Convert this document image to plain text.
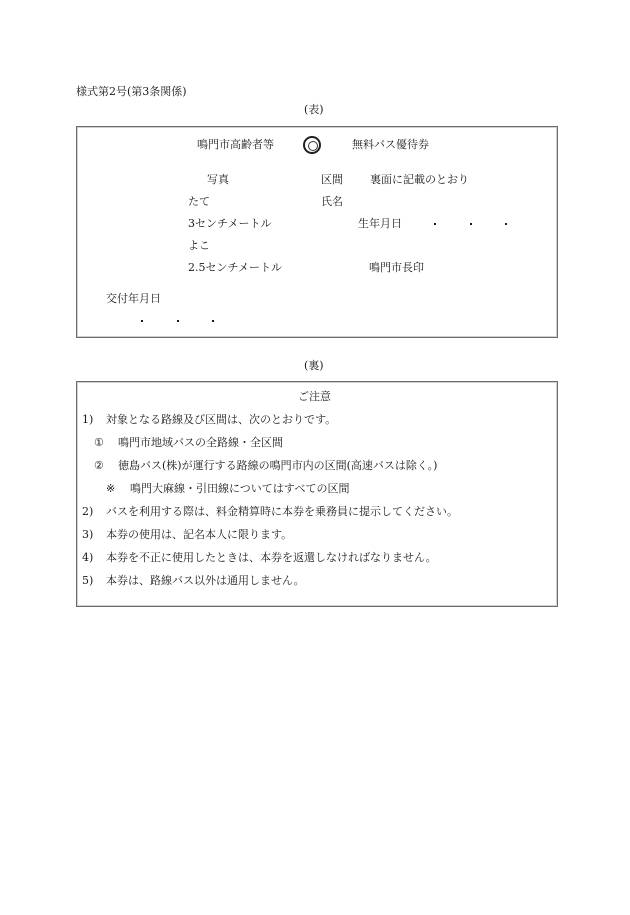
様式第2号(第3条関係)
(表)
鳴門市高齢者等	無料バス優待券
写真	区間 裏面に記載のとおり
たて	氏名
3センチメートル	生年月日
よこ
2.5センチメートル	鳴門市長印
交付年月日
(裏)
ご注意
1) 対象となる路線及び区間は、次のとおりです。
① 鳴門市地域バスの全路線・全区間
② 徳島バス(株)が運行する路線の鳴門市内の区間(高速バスは除く。)
※ 鳴門大麻線・引田線についてはすべての区間
2) バスを利用する際は、料金精算時に本券を乗務員に提示してください。
3) 本券の使用は、記名本人に限ります。
4) 本券を不正に使用したときは、本券を返還しなければなりません。
5) 本券は、路線バス以外は通用しません。
